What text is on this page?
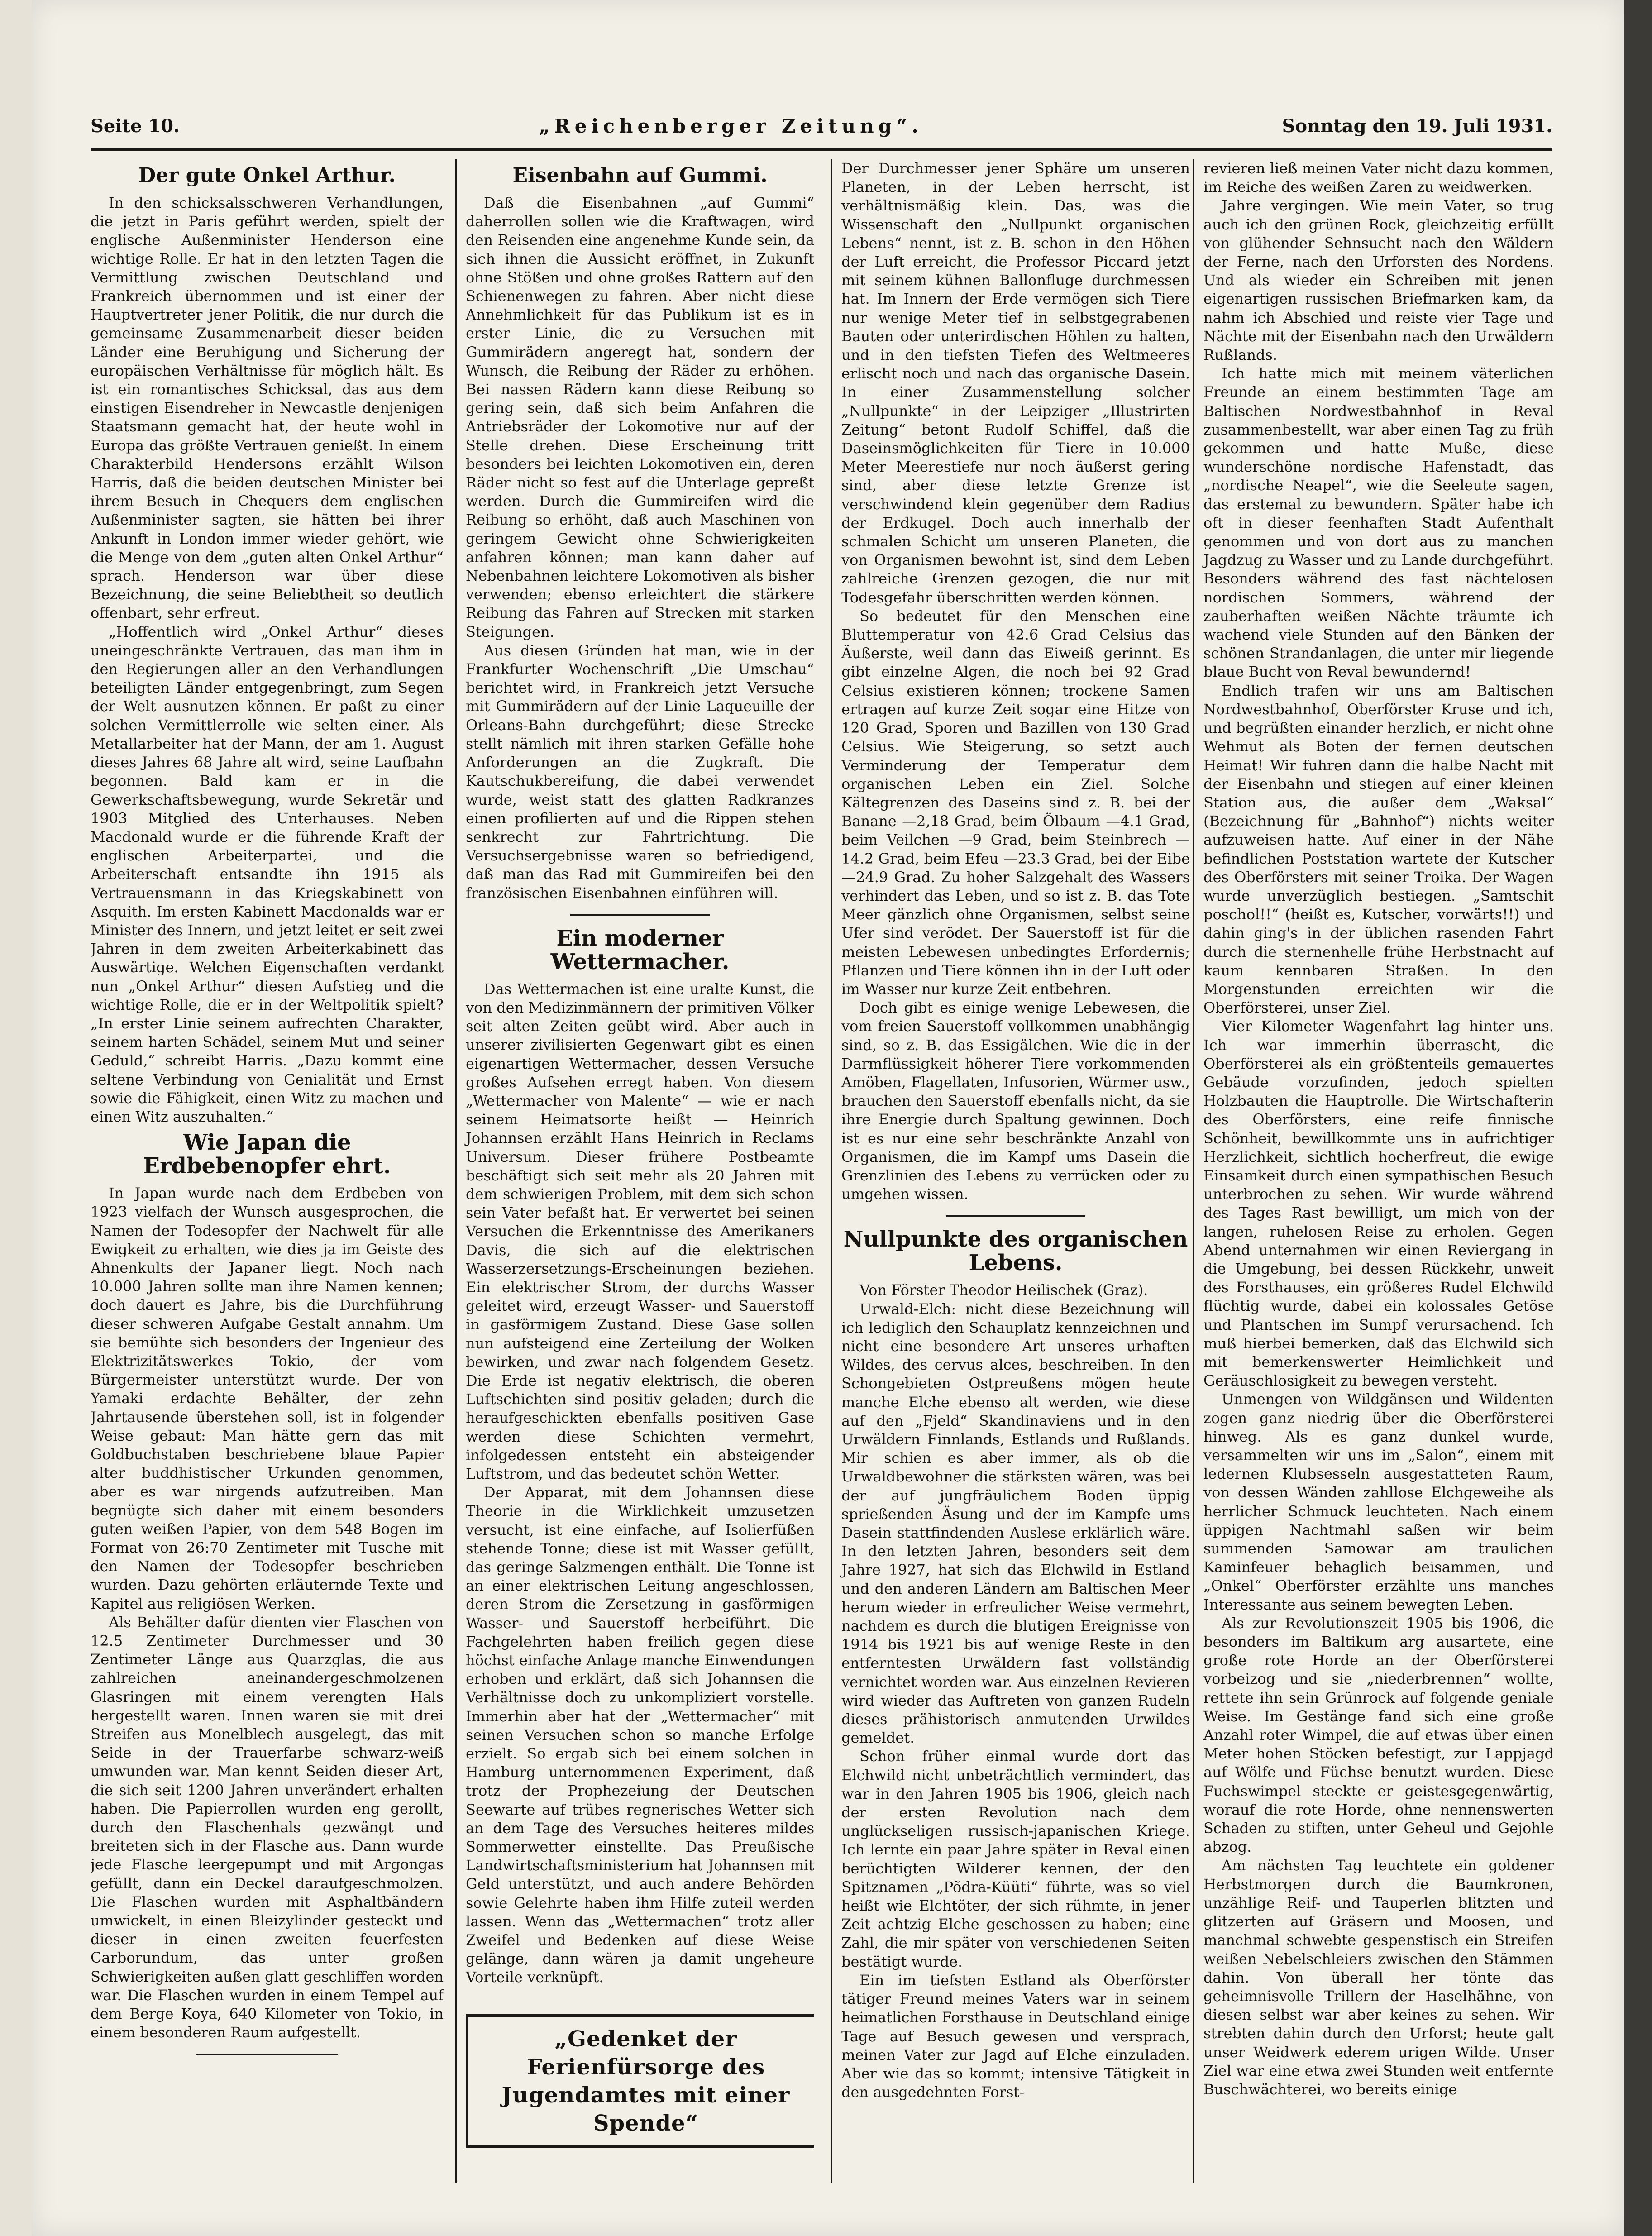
Seite 10.	„Reichenberger Zeitung“.	Sonntag den 19. Juli 1931.
Der gute Onkel Arthur.

In den schicksalsschweren Verhandlungen, die jetzt in Paris geführt werden, spielt der englische Außenminister Henderson eine wichtige Rolle. Er hat in den letzten Tagen die Vermittlung zwischen Deutschland und Frankreich übernommen und ist einer der Hauptvertreter jener Politik, die nur durch die gemeinsame Zusammenarbeit dieser beiden Länder eine Beruhigung und Sicherung der europäischen Verhältnisse für möglich hält. Es ist ein romantisches Schicksal, das aus dem einstigen Eisendreher in Newcastle denjenigen Staatsmann gemacht hat, der heute wohl in Europa das größte Vertrauen genießt. In einem Charakterbild Hendersons erzählt Wilson Harris, daß die beiden deutschen Minister bei ihrem Besuch in Chequers dem englischen Außenminister sagten, sie hätten bei ihrer Ankunft in London immer wieder gehört, wie die Menge von dem „guten alten Onkel Arthur“ sprach. Henderson war über diese Bezeichnung, die seine Beliebtheit so deutlich offenbart, sehr erfreut.

„Hoffentlich wird „Onkel Arthur“ dieses uneingeschränkte Vertrauen, das man ihm in den Regierungen aller an den Verhandlungen beteiligten Länder entgegenbringt, zum Segen der Welt ausnutzen können. Er paßt zu einer solchen Vermittlerrolle wie selten einer. Als Metallarbeiter hat der Mann, der am 1. August dieses Jahres 68 Jahre alt wird, seine Laufbahn begonnen. Bald kam er in die Gewerkschaftsbewegung, wurde Sekretär und 1903 Mitglied des Unterhauses. Neben Macdonald wurde er die führende Kraft der englischen Arbeiterpartei, und die Arbeiterschaft entsandte ihn 1915 als Vertrauensmann in das Kriegskabinett von Asquith. Im ersten Kabinett Macdonalds war er Minister des Innern, und jetzt leitet er seit zwei Jahren in dem zweiten Arbeiterkabinett das Auswärtige. Welchen Eigenschaften verdankt nun „Onkel Arthur“ diesen Aufstieg und die wichtige Rolle, die er in der Weltpolitik spielt? „In erster Linie seinem aufrechten Charakter, seinem harten Schädel, seinem Mut und seiner Geduld,“ schreibt Harris. „Dazu kommt eine seltene Verbindung von Genialität und Ernst sowie die Fähigkeit, einen Witz zu machen und einen Witz auszuhalten.“

Wie Japan die Erdbebenopfer ehrt.

In Japan wurde nach dem Erdbeben von 1923 vielfach der Wunsch ausgesprochen, die Namen der Todesopfer der Nachwelt für alle Ewigkeit zu erhalten, wie dies ja im Geiste des Ahnenkults der Japaner liegt. Noch nach 10.000 Jahren sollte man ihre Namen kennen; doch dauert es Jahre, bis die Durchführung dieser schweren Aufgabe Gestalt annahm. Um sie bemühte sich besonders der Ingenieur des Elektrizitätswerkes Tokio, der vom Bürgermeister unterstützt wurde. Der von Yamaki erdachte Behälter, der zehn Jahrtausende überstehen soll, ist in folgender Weise gebaut: Man hätte gern das mit Goldbuchstaben beschriebene blaue Papier alter buddhistischer Urkunden genommen, aber es war nirgends aufzutreiben. Man begnügte sich daher mit einem besonders guten weißen Papier, von dem 548 Bogen im Format von 26:70 Zentimeter mit Tusche mit den Namen der Todesopfer beschrieben wurden. Dazu gehörten erläuternde Texte und Kapitel aus religiösen Werken.

Als Behälter dafür dienten vier Flaschen von 12.5 Zentimeter Durchmesser und 30 Zentimeter Länge aus Quarzglas, die aus zahlreichen aneinandergeschmolzenen Glasringen mit einem verengten Hals hergestellt waren. Innen waren sie mit drei Streifen aus Monelblech ausgelegt, das mit Seide in der Trauerfarbe schwarz-weiß umwunden war. Man kennt Seiden dieser Art, die sich seit 1200 Jahren unverändert erhalten haben. Die Papierrollen wurden eng gerollt, durch den Flaschenhals gezwängt und breiteten sich in der Flasche aus. Dann wurde jede Flasche leergepumpt und mit Argongas gefüllt, dann ein Deckel daraufgeschmolzen. Die Flaschen wurden mit Asphaltbändern umwickelt, in einen Bleizylinder gesteckt und dieser in einen zweiten feuerfesten Carborundum, das unter großen Schwierigkeiten außen glatt geschliffen worden war. Die Flaschen wurden in einem Tempel auf dem Berge Koya, 640 Kilometer von Tokio, in einem besonderen Raum aufgestellt.

Eisenbahn auf Gummi.

Daß die Eisenbahnen „auf Gummi“ daherrollen sollen wie die Kraftwagen, wird den Reisenden eine angenehme Kunde sein, da sich ihnen die Aussicht eröffnet, in Zukunft ohne Stößen und ohne großes Rattern auf den Schienenwegen zu fahren. Aber nicht diese Annehmlichkeit für das Publikum ist es in erster Linie, die zu Versuchen mit Gummirädern angeregt hat, sondern der Wunsch, die Reibung der Räder zu erhöhen. Bei nassen Rädern kann diese Reibung so gering sein, daß sich beim Anfahren die Antriebsräder der Lokomotive nur auf der Stelle drehen. Diese Erscheinung tritt besonders bei leichten Lokomotiven ein, deren Räder nicht so fest auf die Unterlage gepreßt werden. Durch die Gummireifen wird die Reibung so erhöht, daß auch Maschinen von geringem Gewicht ohne Schwierigkeiten anfahren können; man kann daher auf Nebenbahnen leichtere Lokomotiven als bisher verwenden; ebenso erleichtert die stärkere Reibung das Fahren auf Strecken mit starken Steigungen.

Aus diesen Gründen hat man, wie in der Frankfurter Wochenschrift „Die Umschau“ berichtet wird, in Frankreich jetzt Versuche mit Gummirädern auf der Linie Laqueuille der Orleans-Bahn durchgeführt; diese Strecke stellt nämlich mit ihren starken Gefälle hohe Anforderungen an die Zugkraft. Die Kautschukbereifung, die dabei verwendet wurde, weist statt des glatten Radkranzes einen profilierten auf und die Rippen stehen senkrecht zur Fahrtrichtung. Die Versuchsergebnisse waren so befriedigend, daß man das Rad mit Gummireifen bei den französischen Eisenbahnen einführen will.

Ein moderner Wettermacher.

Das Wettermachen ist eine uralte Kunst, die von den Medizinmännern der primitiven Völker seit alten Zeiten geübt wird. Aber auch in unserer zivilisierten Gegenwart gibt es einen eigenartigen Wettermacher, dessen Versuche großes Aufsehen erregt haben. Von diesem „Wettermacher von Malente“ — wie er nach seinem Heimatsorte heißt — Heinrich Johannsen erzählt Hans Heinrich in Reclams Universum. Dieser frühere Postbeamte beschäftigt sich seit mehr als 20 Jahren mit dem schwierigen Problem, mit dem sich schon sein Vater befaßt hat. Er verwertet bei seinen Versuchen die Erkenntnisse des Amerikaners Davis, die sich auf die elektrischen Wasserzersetzungs-Erscheinungen beziehen. Ein elektrischer Strom, der durchs Wasser geleitet wird, erzeugt Wasser- und Sauerstoff in gasförmigem Zustand. Diese Gase sollen nun aufsteigend eine Zerteilung der Wolken bewirken, und zwar nach folgendem Gesetz. Die Erde ist negativ elektrisch, die oberen Luftschichten sind positiv geladen; durch die heraufgeschickten ebenfalls positiven Gase werden diese Schichten vermehrt, infolgedessen entsteht ein absteigender Luftstrom, und das bedeutet schön Wetter.

Der Apparat, mit dem Johannsen diese Theorie in die Wirklichkeit umzusetzen versucht, ist eine einfache, auf Isolierfüßen stehende Tonne; diese ist mit Wasser gefüllt, das geringe Salzmengen enthält. Die Tonne ist an einer elektrischen Leitung angeschlossen, deren Strom die Zersetzung in gasförmigen Wasser- und Sauerstoff herbeiführt. Die Fachgelehrten haben freilich gegen diese höchst einfache Anlage manche Einwendungen erhoben und erklärt, daß sich Johannsen die Verhältnisse doch zu unkompliziert vorstelle. Immerhin aber hat der „Wettermacher“ mit seinen Versuchen schon so manche Erfolge erzielt. So ergab sich bei einem solchen in Hamburg unternommenen Experiment, daß trotz der Prophezeiung der Deutschen Seewarte auf trübes regnerisches Wetter sich an dem Tage des Versuches heiteres mildes Sommerwetter einstellte. Das Preußische Landwirtschaftsministerium hat Johannsen mit Geld unterstützt, und auch andere Behörden sowie Gelehrte haben ihm Hilfe zuteil werden lassen. Wenn das „Wettermachen“ trotz aller Zweifel und Bedenken auf diese Weise gelänge, dann wären ja damit ungeheure Vorteile verknüpft.

„Gedenket der Ferienfürsorge des Jugendamtes mit einer Spende“

Der Durchmesser jener Sphäre um unseren Planeten, in der Leben herrscht, ist verhältnismäßig klein. Das, was die Wissenschaft den „Nullpunkt organischen Lebens“ nennt, ist z. B. schon in den Höhen der Luft erreicht, die Professor Piccard jetzt mit seinem kühnen Ballonfluge durchmessen hat. Im Innern der Erde vermögen sich Tiere nur wenige Meter tief in selbstgegrabenen Bauten oder unterirdischen Höhlen zu halten, und in den tiefsten Tiefen des Weltmeeres erlischt noch und nach das organische Dasein. In einer Zusammenstellung solcher „Nullpunkte“ in der Leipziger „Illustrirten Zeitung“ betont Rudolf Schiffel, daß die Daseinsmöglichkeiten für Tiere in 10.000 Meter Meerestiefe nur noch äußerst gering sind, aber diese letzte Grenze ist verschwindend klein gegenüber dem Radius der Erdkugel. Doch auch innerhalb der schmalen Schicht um unseren Planeten, die von Organismen bewohnt ist, sind dem Leben zahlreiche Grenzen gezogen, die nur mit Todesgefahr überschritten werden können.

So bedeutet für den Menschen eine Bluttemperatur von 42.6 Grad Celsius das Äußerste, weil dann das Eiweiß gerinnt. Es gibt einzelne Algen, die noch bei 92 Grad Celsius existieren können; trockene Samen ertragen auf kurze Zeit sogar eine Hitze von 120 Grad, Sporen und Bazillen von 130 Grad Celsius. Wie Steigerung, so setzt auch Verminderung der Temperatur dem organischen Leben ein Ziel. Solche Kältegrenzen des Daseins sind z. B. bei der Banane —2,18 Grad, beim Ölbaum —4.1 Grad, beim Veilchen —9 Grad, beim Steinbrech —14.2 Grad, beim Efeu —23.3 Grad, bei der Eibe —24.9 Grad. Zu hoher Salzgehalt des Wassers verhindert das Leben, und so ist z. B. das Tote Meer gänzlich ohne Organismen, selbst seine Ufer sind verödet. Der Sauerstoff ist für die meisten Lebewesen unbedingtes Erfordernis; Pflanzen und Tiere können ihn in der Luft oder im Wasser nur kurze Zeit entbehren.

Doch gibt es einige wenige Lebewesen, die vom freien Sauerstoff vollkommen unabhängig sind, so z. B. das Essigälchen. Wie die in der Darmflüssigkeit höherer Tiere vorkommenden Amöben, Flagellaten, Infusorien, Würmer usw., brauchen den Sauerstoff ebenfalls nicht, da sie ihre Energie durch Spaltung gewinnen. Doch ist es nur eine sehr beschränkte Anzahl von Organismen, die im Kampf ums Dasein die Grenzlinien des Lebens zu verrücken oder zu umgehen wissen.

Nullpunkte des organischen Lebens.

Von Förster Theodor Heilischek (Graz).

Urwald-Elch: nicht diese Bezeichnung will ich lediglich den Schauplatz kennzeichnen und nicht eine besondere Art unseres urhaften Wildes, des cervus alces, beschreiben. In den Schongebieten Ostpreußens mögen heute manche Elche ebenso alt werden, wie diese auf den „Fjeld“ Skandinaviens und in den Urwäldern Finnlands, Estlands und Rußlands. Mir schien es aber immer, als ob die Urwaldbewohner die stärksten wären, was bei der auf jungfräulichem Boden üppig sprießenden Äsung und der im Kampfe ums Dasein stattfindenden Auslese erklärlich wäre. In den letzten Jahren, besonders seit dem Jahre 1927, hat sich das Elchwild in Estland und den anderen Ländern am Baltischen Meer herum wieder in erfreulicher Weise vermehrt, nachdem es durch die blutigen Ereignisse von 1914 bis 1921 bis auf wenige Reste in den entferntesten Urwäldern fast vollständig vernichtet worden war. Aus einzelnen Revieren wird wieder das Auftreten von ganzen Rudeln dieses prähistorisch anmutenden Urwildes gemeldet.

Schon früher einmal wurde dort das Elchwild nicht unbeträchtlich vermindert, das war in den Jahren 1905 bis 1906, gleich nach der ersten Revolution nach dem unglückseligen russisch-japanischen Kriege. Ich lernte ein paar Jahre später in Reval einen berüchtigten Wilderer kennen, der den Spitznamen „Põdra-Küüti“ führte, was so viel heißt wie Elchtöter, der sich rühmte, in jener Zeit achtzig Elche geschossen zu haben; eine Zahl, die mir später von verschiedenen Seiten bestätigt wurde.

Ein im tiefsten Estland als Oberförster tätiger Freund meines Vaters war in seinem heimatlichen Forsthause in Deutschland einige Tage auf Besuch gewesen und versprach, meinen Vater zur Jagd auf Elche einzuladen. Aber wie das so kommt; intensive Tätigkeit in den ausgedehnten Forst-

revieren ließ meinen Vater nicht dazu kommen, im Reiche des weißen Zaren zu weidwerken.

Jahre vergingen. Wie mein Vater, so trug auch ich den grünen Rock, gleichzeitig erfüllt von glühender Sehnsucht nach den Wäldern der Ferne, nach den Urforsten des Nordens. Und als wieder ein Schreiben mit jenen eigenartigen russischen Briefmarken kam, da nahm ich Abschied und reiste vier Tage und Nächte mit der Eisenbahn nach den Urwäldern Rußlands.

Ich hatte mich mit meinem väterlichen Freunde an einem bestimmten Tage am Baltischen Nordwestbahnhof in Reval zusammenbestellt, war aber einen Tag zu früh gekommen und hatte Muße, diese wunderschöne nordische Hafenstadt, das „nordische Neapel“, wie die Seeleute sagen, das erstemal zu bewundern. Später habe ich oft in dieser feenhaften Stadt Aufenthalt genommen und von dort aus zu manchen Jagdzug zu Wasser und zu Lande durchgeführt. Besonders während des fast nächtelosen nordischen Sommers, während der zauberhaften weißen Nächte träumte ich wachend viele Stunden auf den Bänken der schönen Strandanlagen, die unter mir liegende blaue Bucht von Reval bewundernd!

Endlich trafen wir uns am Baltischen Nordwestbahnhof, Oberförster Kruse und ich, und begrüßten einander herzlich, er nicht ohne Wehmut als Boten der fernen deutschen Heimat! Wir fuhren dann die halbe Nacht mit der Eisenbahn und stiegen auf einer kleinen Station aus, die außer dem „Waksal“ (Bezeichnung für „Bahnhof“) nichts weiter aufzuweisen hatte. Auf einer in der Nähe befindlichen Poststation wartete der Kutscher des Oberförsters mit seiner Troika. Der Wagen wurde unverzüglich bestiegen. „Samtschit poschol!!“ (heißt es, Kutscher, vorwärts!!) und dahin ging's in der üblichen rasenden Fahrt durch die sternenhelle frühe Herbstnacht auf kaum kennbaren Straßen. In den Morgenstunden erreichten wir die Oberförsterei, unser Ziel.

Vier Kilometer Wagenfahrt lag hinter uns. Ich war immerhin überrascht, die Oberförsterei als ein größtenteils gemauertes Gebäude vorzufinden, jedoch spielten Holzbauten die Hauptrolle. Die Wirtschafterin des Oberförsters, eine reife finnische Schönheit, bewillkommte uns in aufrichtiger Herzlichkeit, sichtlich hocherfreut, die ewige Einsamkeit durch einen sympathischen Besuch unterbrochen zu sehen. Wir wurde während des Tages Rast bewilligt, um mich von der langen, ruhelosen Reise zu erholen. Gegen Abend unternahmen wir einen Reviergang in die Umgebung, bei dessen Rückkehr, unweit des Forsthauses, ein größeres Rudel Elchwild flüchtig wurde, dabei ein kolossales Getöse und Plantschen im Sumpf verursachend. Ich muß hierbei bemerken, daß das Elchwild sich mit bemerkenswerter Heimlichkeit und Geräuschlosigkeit zu bewegen versteht.

Unmengen von Wildgänsen und Wildenten zogen ganz niedrig über die Oberförsterei hinweg. Als es ganz dunkel wurde, versammelten wir uns im „Salon“, einem mit ledernen Klubsesseln ausgestatteten Raum, von dessen Wänden zahllose Elchgeweihe als herrlicher Schmuck leuchteten. Nach einem üppigen Nachtmahl saßen wir beim summenden Samowar am traulichen Kaminfeuer behaglich beisammen, und „Onkel“ Oberförster erzählte uns manches Interessante aus seinem bewegten Leben.

Als zur Revolutionszeit 1905 bis 1906, die besonders im Baltikum arg ausartete, eine große rote Horde an der Oberförsterei vorbeizog und sie „niederbrennen“ wollte, rettete ihn sein Grünrock auf folgende geniale Weise. Im Gestänge fand sich eine große Anzahl roter Wimpel, die auf etwas über einen Meter hohen Stöcken befestigt, zur Lappjagd auf Wölfe und Füchse benutzt wurden. Diese Fuchswimpel steckte er geistesgegenwärtig, worauf die rote Horde, ohne nennenswerten Schaden zu stiften, unter Geheul und Gejohle abzog.

Am nächsten Tag leuchtete ein goldener Herbstmorgen durch die Baumkronen, unzählige Reif- und Tauperlen blitzten und glitzerten auf Gräsern und Moosen, und manchmal schwebte gespenstisch ein Streifen weißen Nebelschleiers zwischen den Stämmen dahin. Von überall her tönte das geheimnisvolle Trillern der Haselhähne, von diesen selbst war aber keines zu sehen. Wir strebten dahin durch den Urforst; heute galt unser Weidwerk ederem urigen Wilde. Unser Ziel war eine etwa zwei Stunden weit entfernte Buschwächterei, wo bereits einige
